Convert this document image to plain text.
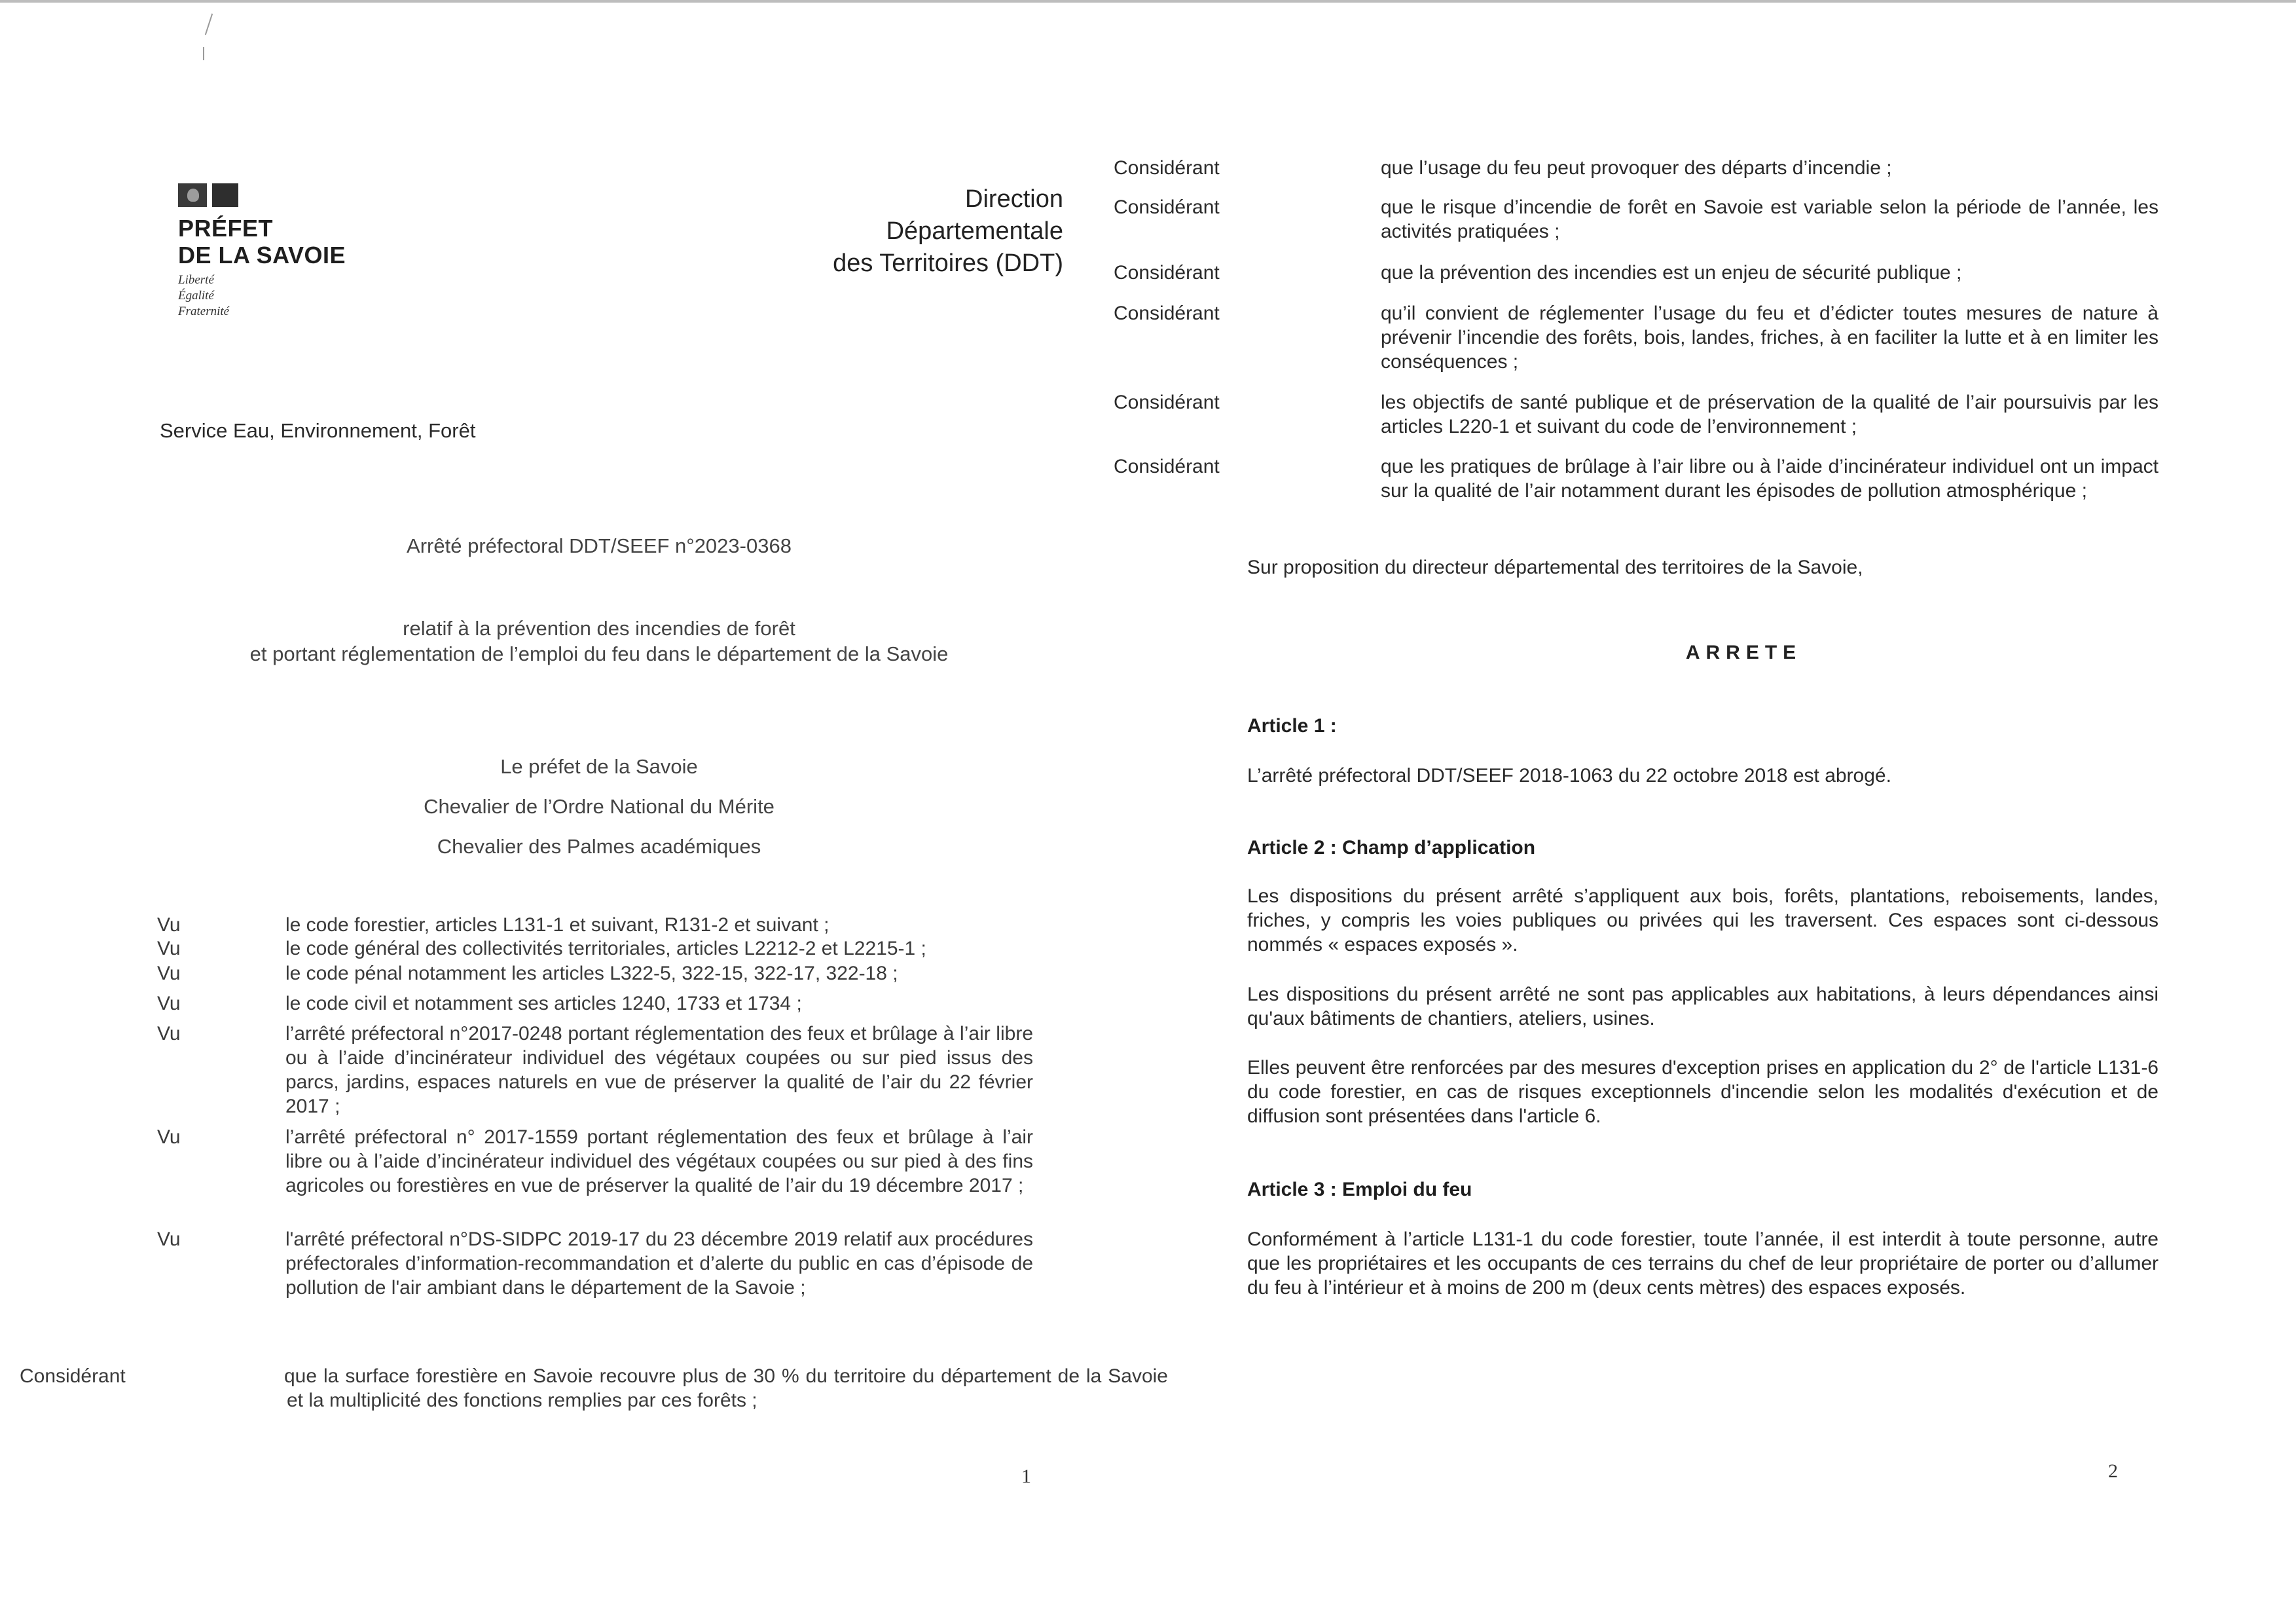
PRÉFET
DE LA SAVOIE
Liberté
Égalité
Fraternité
Direction
Départementale
des Territoires (DDT)
Service Eau, Environnement, Forêt
Arrêté préfectoral DDT/SEEF n°2023-0368
relatif à la prévention des incendies de forêt
et portant réglementation de l’emploi du feu dans le département de la Savoie
Le préfet de la Savoie
Chevalier de l’Ordre National du Mérite
Chevalier des Palmes académiques
Vu	le code forestier, articles L131-1 et suivant, R131-2 et suivant ;
Vu	le code général des collectivités territoriales, articles L2212-2 et L2215-1 ;
Vu	le code pénal notamment les articles L322-5, 322-15, 322-17, 322-18 ;
Vu	le code civil et notamment ses articles 1240, 1733 et 1734 ;
Vu	l’arrêté préfectoral n°2017-0248 portant réglementation des feux et brûlage à l’air libre ou à l’aide d’incinérateur individuel des végétaux coupées ou sur pied issus des parcs, jardins, espaces naturels en vue de préserver la qualité de l’air du 22 février 2017 ;
Vu	l’arrêté préfectoral n° 2017-1559 portant réglementation des feux et brûlage à l’air libre ou à l’aide d’incinérateur individuel des végétaux coupées ou sur pied à des fins agricoles ou forestières en vue de préserver la qualité de l’air du 19 décembre 2017 ;
Vu	l'arrêté préfectoral n°DS-SIDPC 2019-17 du 23 décembre 2019 relatif aux procédures préfectorales d’information-recommandation et d’alerte du public en cas d’épisode de pollution de l'air ambiant dans le département de la Savoie ;
Considérant	que la surface forestière en Savoie recouvre plus de 30 % du territoire du département de la Savoie et la multiplicité des fonctions remplies par ces forêts ;
1
Considérant	que l’usage du feu peut provoquer des départs d’incendie ;
Considérant	que le risque d’incendie de forêt en Savoie est variable selon la période de l’année, les activités pratiquées ;
Considérant	que la prévention des incendies est un enjeu de sécurité publique ;
Considérant	qu’il convient de réglementer l’usage du feu et d’édicter toutes mesures de nature à prévenir l’incendie des forêts, bois, landes, friches, à en faciliter la lutte et à en limiter les conséquences ;
Considérant	les objectifs de santé publique et de préservation de la qualité de l’air poursuivis par les articles L220-1 et suivant du code de l’environnement ;
Considérant	que les pratiques de brûlage à l’air libre ou à l’aide d’incinérateur individuel ont un impact sur la qualité de l’air notamment durant les épisodes de pollution atmosphérique ;
Sur proposition du directeur départemental des territoires de la Savoie,
ARRETE
Article 1 :
L’arrêté préfectoral DDT/SEEF 2018-1063 du 22 octobre 2018 est abrogé.
Article 2 : Champ d’application
Les dispositions du présent arrêté s’appliquent aux bois, forêts, plantations, reboisements, landes, friches, y compris les voies publiques ou privées qui les traversent. Ces espaces sont ci-dessous nommés « espaces exposés ».
Les dispositions du présent arrêté ne sont pas applicables aux habitations, à leurs dépendances ainsi qu'aux bâtiments de chantiers, ateliers, usines.
Elles peuvent être renforcées par des mesures d'exception prises en application du 2° de l'article L131-6 du code forestier, en cas de risques exceptionnels d'incendie selon les modalités d'exécution et de diffusion sont présentées dans l'article 6.
Article 3 : Emploi du feu
Conformément à l’article L131-1 du code forestier, toute l’année, il est interdit à toute personne, autre que les propriétaires et les occupants de ces terrains du chef de leur propriétaire de porter ou d’allumer du feu à l’intérieur et à moins de 200 m (deux cents mètres) des espaces exposés.
2
